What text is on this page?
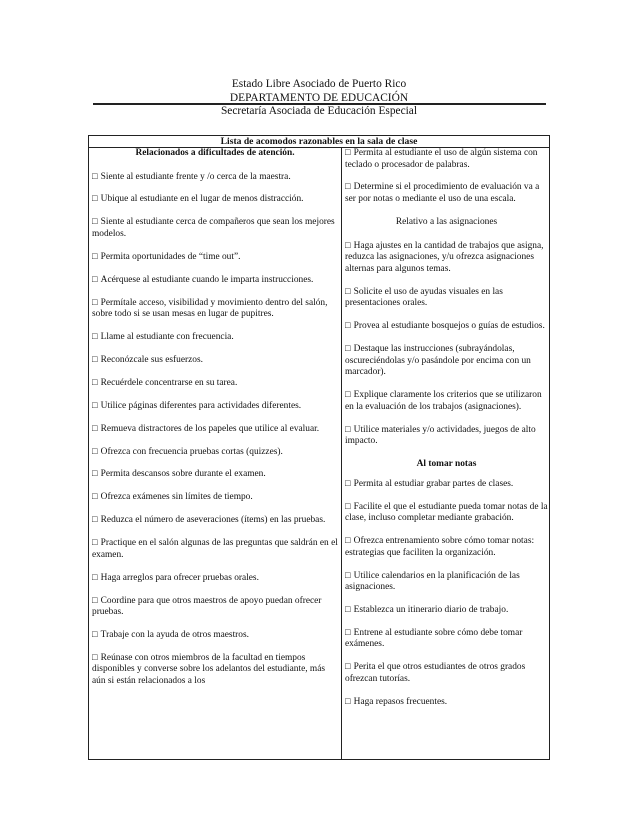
Estado Libre Asociado de Puerto Rico
DEPARTAMENTO DE EDUCACIÓN
Secretaría Asociada de Educación Especial
Lista de acomodos razonables en la sala de clase
Relacionados a dificultades de atención.
□ Siente al estudiante frente y /o cerca de la maestra.
□ Ubique al estudiante en el lugar de menos distracción.
□ Siente al estudiante cerca de compañeros que sean los mejores modelos.
□ Permita oportunidades de “time out”.
□ Acérquese al estudiante cuando le imparta instrucciones.
□ Permítale acceso, visibilidad y movimiento dentro del salón, sobre todo si se usan mesas en lugar de pupitres.
□ Llame al estudiante con frecuencia.
□ Reconózcale sus esfuerzos.
□ Recuérdele concentrarse en su tarea.
□ Utilice páginas diferentes para actividades diferentes.
□ Remueva distractores de los papeles que utilice al evaluar.
□ Ofrezca con frecuencia pruebas cortas (quizzes).
□ Permita descansos sobre durante el examen.
□ Ofrezca exámenes sin límites de tiempo.
□ Reduzca el número de aseveraciones (ítems) en las pruebas.
□ Practique en el salón algunas de las preguntas que saldrán en el examen.
□ Haga arreglos para ofrecer pruebas orales.
□ Coordine para que otros maestros de apoyo puedan ofrecer pruebas.
□ Trabaje con la ayuda de otros maestros.
□ Reúnase con otros miembros de la facultad en tiempos disponibles y converse sobre los adelantos del estudiante, más aún si están relacionados a los
□ Permita al estudiante el uso de algún sistema con teclado o procesador de palabras.
□ Determine si el procedimiento de evaluación va a ser por notas o mediante el uso de una escala.
Relativo a las asignaciones
□ Haga ajustes en la cantidad de trabajos que asigna, reduzca las asignaciones, y/u ofrezca asignaciones alternas para algunos temas.
□ Solicite el uso de ayudas visuales en las presentaciones orales.
□ Provea al estudiante bosquejos o guías de estudios.
□ Destaque las instrucciones (subrayándolas, oscureciéndolas y/o pasándole por encima con un marcador).
□ Explique claramente los criterios que se utilizaron en la evaluación de los trabajos (asignaciones).
□ Utilice materiales y/o actividades, juegos de alto impacto.
Al tomar notas
□ Permita al estudiar grabar partes de clases.
□ Facilite el que el estudiante pueda tomar notas de la clase, incluso completar mediante grabación.
□ Ofrezca entrenamiento sobre cómo tomar notas: estrategias que faciliten la organización.
□ Utilice calendarios en la planificación de las asignaciones.
□ Establezca un itinerario diario de trabajo.
□ Entrene al estudiante sobre cómo debe tomar exámenes.
□ Perita el que otros estudiantes de otros grados ofrezcan tutorías.
□ Haga repasos frecuentes.
